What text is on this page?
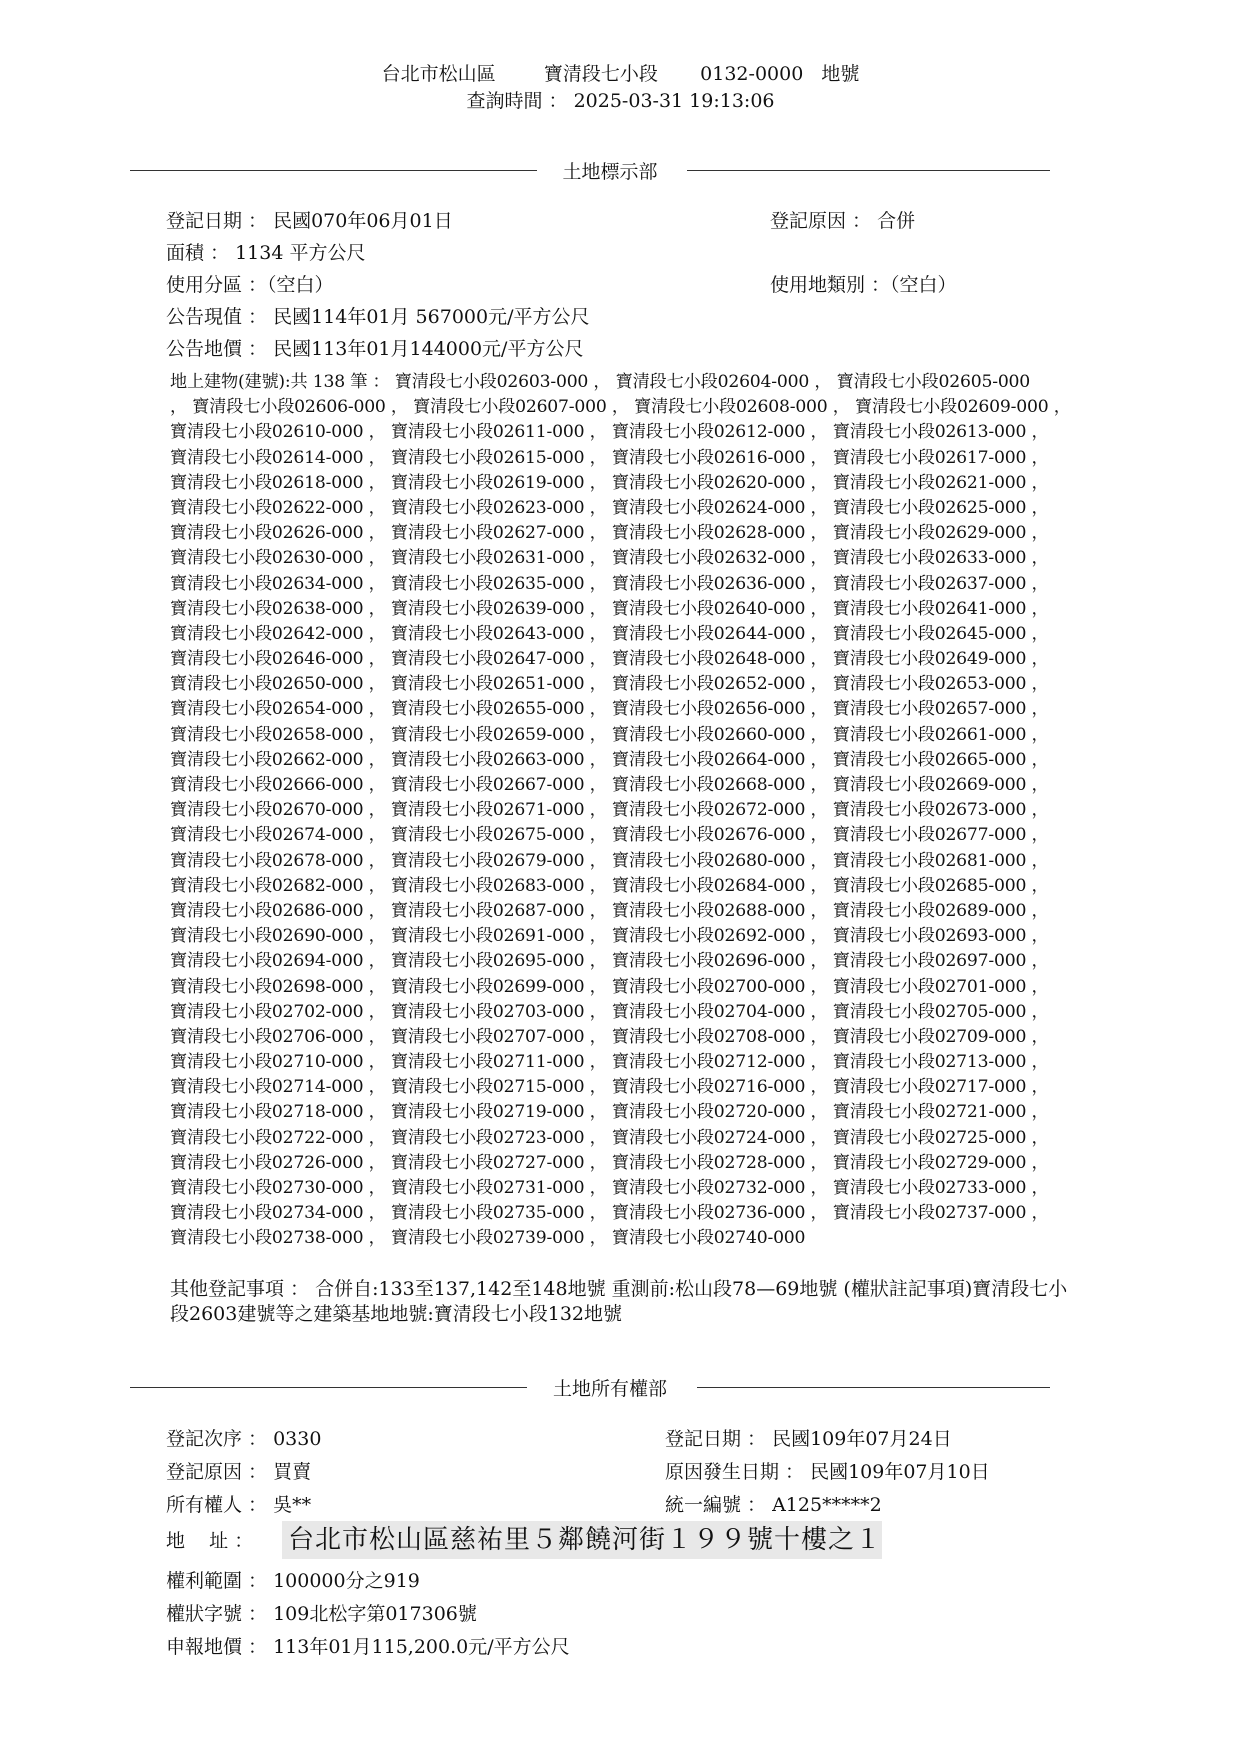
台北市松山區        寶清段七小段       0132-0000   地號
查詢時間 ： 2025-03-31 19:13:06
土地標示部
登記日期 ： 民國070年06月01日	登記原因 ： 合併
面積 ： 1134 平方公尺
使用分區 ：（空白）	使用地類別 ：（空白）
公告現值 ： 民國114年01月 567000元/平方公尺
公告地價 ： 民國113年01月144000元/平方公尺
地上建物(建號):共 138 筆 ： 寶清段七小段02603-000 ， 寶清段七小段02604-000 ， 寶清段七小段02605-000
， 寶清段七小段02606-000 ， 寶清段七小段02607-000 ， 寶清段七小段02608-000 ， 寶清段七小段02609-000 ，
寶清段七小段02610-000 ， 寶清段七小段02611-000 ， 寶清段七小段02612-000 ， 寶清段七小段02613-000 ，
寶清段七小段02614-000 ， 寶清段七小段02615-000 ， 寶清段七小段02616-000 ， 寶清段七小段02617-000 ，
寶清段七小段02618-000 ， 寶清段七小段02619-000 ， 寶清段七小段02620-000 ， 寶清段七小段02621-000 ，
寶清段七小段02622-000 ， 寶清段七小段02623-000 ， 寶清段七小段02624-000 ， 寶清段七小段02625-000 ，
寶清段七小段02626-000 ， 寶清段七小段02627-000 ， 寶清段七小段02628-000 ， 寶清段七小段02629-000 ，
寶清段七小段02630-000 ， 寶清段七小段02631-000 ， 寶清段七小段02632-000 ， 寶清段七小段02633-000 ，
寶清段七小段02634-000 ， 寶清段七小段02635-000 ， 寶清段七小段02636-000 ， 寶清段七小段02637-000 ，
寶清段七小段02638-000 ， 寶清段七小段02639-000 ， 寶清段七小段02640-000 ， 寶清段七小段02641-000 ，
寶清段七小段02642-000 ， 寶清段七小段02643-000 ， 寶清段七小段02644-000 ， 寶清段七小段02645-000 ，
寶清段七小段02646-000 ， 寶清段七小段02647-000 ， 寶清段七小段02648-000 ， 寶清段七小段02649-000 ，
寶清段七小段02650-000 ， 寶清段七小段02651-000 ， 寶清段七小段02652-000 ， 寶清段七小段02653-000 ，
寶清段七小段02654-000 ， 寶清段七小段02655-000 ， 寶清段七小段02656-000 ， 寶清段七小段02657-000 ，
寶清段七小段02658-000 ， 寶清段七小段02659-000 ， 寶清段七小段02660-000 ， 寶清段七小段02661-000 ，
寶清段七小段02662-000 ， 寶清段七小段02663-000 ， 寶清段七小段02664-000 ， 寶清段七小段02665-000 ，
寶清段七小段02666-000 ， 寶清段七小段02667-000 ， 寶清段七小段02668-000 ， 寶清段七小段02669-000 ，
寶清段七小段02670-000 ， 寶清段七小段02671-000 ， 寶清段七小段02672-000 ， 寶清段七小段02673-000 ，
寶清段七小段02674-000 ， 寶清段七小段02675-000 ， 寶清段七小段02676-000 ， 寶清段七小段02677-000 ，
寶清段七小段02678-000 ， 寶清段七小段02679-000 ， 寶清段七小段02680-000 ， 寶清段七小段02681-000 ，
寶清段七小段02682-000 ， 寶清段七小段02683-000 ， 寶清段七小段02684-000 ， 寶清段七小段02685-000 ，
寶清段七小段02686-000 ， 寶清段七小段02687-000 ， 寶清段七小段02688-000 ， 寶清段七小段02689-000 ，
寶清段七小段02690-000 ， 寶清段七小段02691-000 ， 寶清段七小段02692-000 ， 寶清段七小段02693-000 ，
寶清段七小段02694-000 ， 寶清段七小段02695-000 ， 寶清段七小段02696-000 ， 寶清段七小段02697-000 ，
寶清段七小段02698-000 ， 寶清段七小段02699-000 ， 寶清段七小段02700-000 ， 寶清段七小段02701-000 ，
寶清段七小段02702-000 ， 寶清段七小段02703-000 ， 寶清段七小段02704-000 ， 寶清段七小段02705-000 ，
寶清段七小段02706-000 ， 寶清段七小段02707-000 ， 寶清段七小段02708-000 ， 寶清段七小段02709-000 ，
寶清段七小段02710-000 ， 寶清段七小段02711-000 ， 寶清段七小段02712-000 ， 寶清段七小段02713-000 ，
寶清段七小段02714-000 ， 寶清段七小段02715-000 ， 寶清段七小段02716-000 ， 寶清段七小段02717-000 ，
寶清段七小段02718-000 ， 寶清段七小段02719-000 ， 寶清段七小段02720-000 ， 寶清段七小段02721-000 ，
寶清段七小段02722-000 ， 寶清段七小段02723-000 ， 寶清段七小段02724-000 ， 寶清段七小段02725-000 ，
寶清段七小段02726-000 ， 寶清段七小段02727-000 ， 寶清段七小段02728-000 ， 寶清段七小段02729-000 ，
寶清段七小段02730-000 ， 寶清段七小段02731-000 ， 寶清段七小段02732-000 ， 寶清段七小段02733-000 ，
寶清段七小段02734-000 ， 寶清段七小段02735-000 ， 寶清段七小段02736-000 ， 寶清段七小段02737-000 ，
寶清段七小段02738-000 ， 寶清段七小段02739-000 ， 寶清段七小段02740-000
其他登記事項 ： 合併自:133至137,142至148地號 重測前:松山段78—69地號 (權狀註記事項)寶清段七小
段2603建號等之建築基地地號:寶清段七小段132地號
土地所有權部
登記次序 ： 0330	登記日期 ： 民國109年07月24日
登記原因 ： 買賣	原因發生日期 ： 民國109年07月10日
所有權人 ： 吳**	統一編號 ： A125*****2
地    址 ： 台北市松山區慈祐里５鄰饒河街１９９號十樓之１
權利範圍 ： 100000分之919
權狀字號 ： 109北松字第017306號
申報地價 ： 113年01月115,200.0元/平方公尺
